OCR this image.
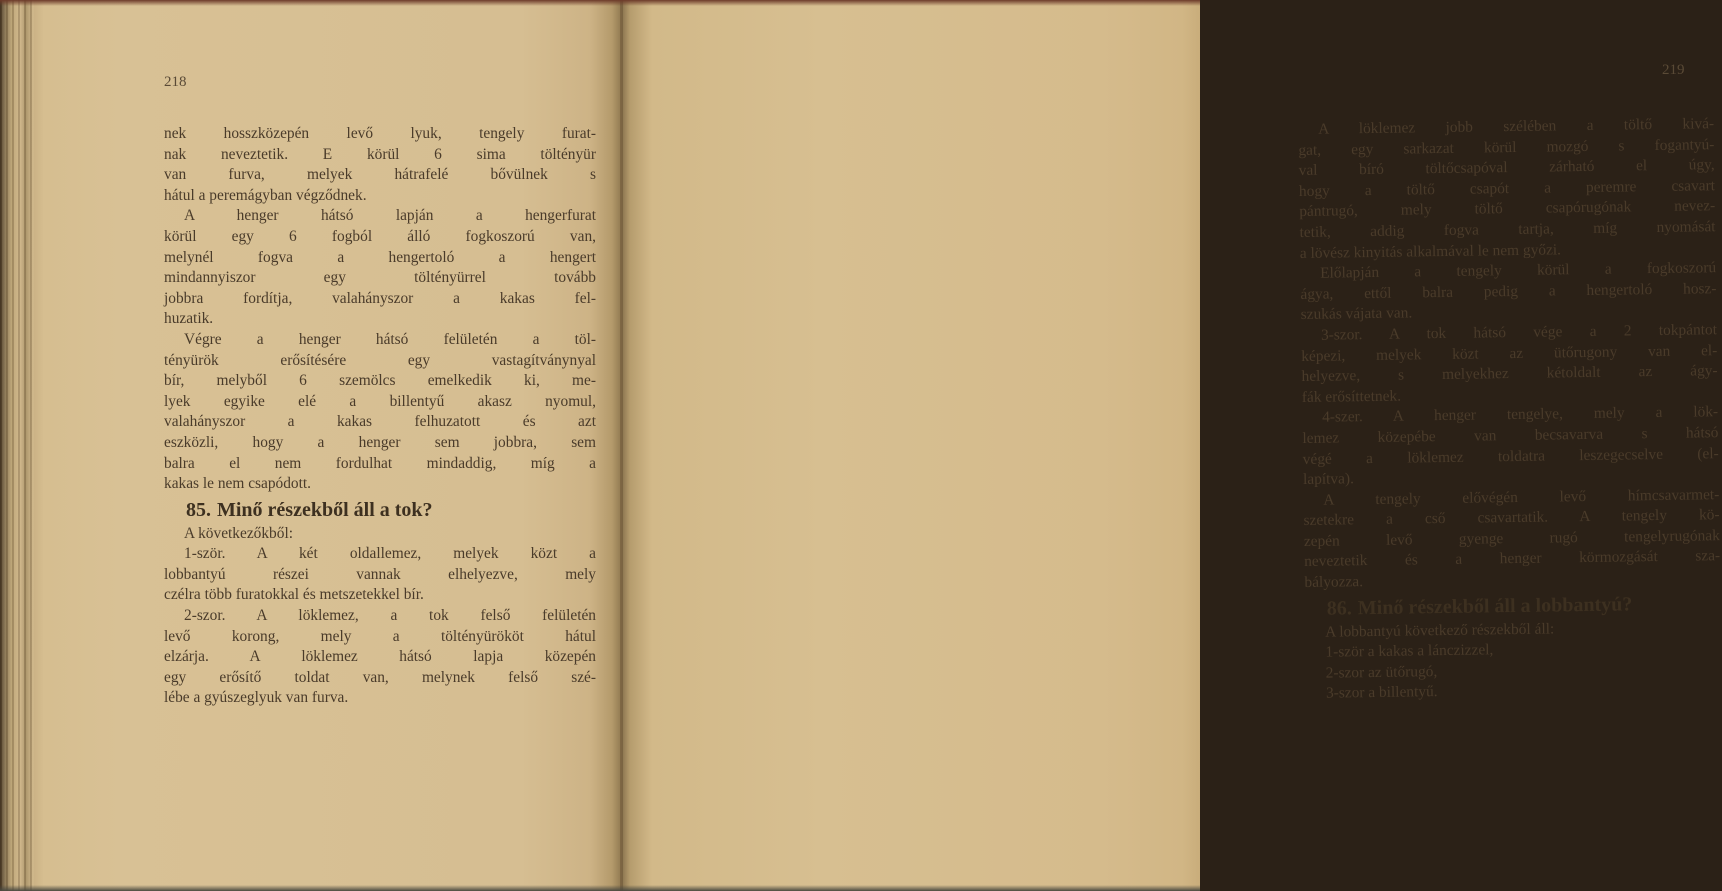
218
nek hosszközepén levő lyuk, tengely furat-
nak neveztetik. E körül 6 sima töltényür
van furva, melyek hátrafelé bővülnek s
hátul a peremágyban végződnek.
A henger hátsó lapján a hengerfurat
körül egy 6 fogból álló fogkoszorú van,
melynél fogva a hengertoló a hengert
mindannyiszor egy töltényürrel tovább
jobbra fordítja, valahányszor a kakas fel-
huzatik.
Végre a henger hátsó felületén a töl-
tényürök erősítésére egy vastagítványnyal
bír, melyből 6 szemölcs emelkedik ki, me-
lyek egyike elé a billentyű akasz nyomul,
valahányszor a kakas felhuzatott és azt
eszközli, hogy a henger sem jobbra, sem
balra el nem fordulhat mindaddig, míg a
kakas le nem csapódott.
85. Minő részekből áll a tok?
A következőkből:
1-ször. A két oldallemez, melyek közt a
lobbantyú részei vannak elhelyezve, mely
czélra több furatokkal és metszetekkel bír.
2-szor. A löklemez, a tok felső felületén
levő korong, mely a töltényürököt hátul
elzárja. A löklemez hátsó lapja közepén
egy erősítő toldat van, melynek felső szé-
lébe a gyúszeglyuk van furva.
219
A löklemez jobb szélében a töltő kivá-
gat, egy sarkazat körül mozgó s fogantyú-
val bíró töltőcsapóval zárható el úgy,
hogy a töltő csapót a peremre csavart
pántrugó, mely töltő csapórugónak nevez-
tetik, addig fogva tartja, míg nyomását
a lövész kinyitás alkalmával le nem győzi.
Előlapján a tengely körül a fogkoszorú
ágya, ettől balra pedig a hengertoló hosz-
szukás vájata van.
3-szor. A tok hátsó vége a 2 tokpántot
képezi, melyek közt az ütőrugony van el-
helyezve, s melyekhez kétoldalt az ágy-
fák erősíttetnek.
4-szer. A henger tengelye, mely a lök-
lemez közepébe van becsavarva s hátsó
végé a löklemez toldatra leszegecselve (el-
lapítva).
A tengely elővégén levő hímcsavarmet-
szetekre a cső csavartatik. A tengely kö-
zepén levő gyenge rugó tengelyrugónak
neveztetik és a henger körmozgását sza-
bályozza.
86. Minő részekből áll a lobbantyú?
A lobbantyú következő részekből áll:
1-ször a kakas a lánczizzel,
2-szor az ütőrugó,
3-szor a billentyű.
